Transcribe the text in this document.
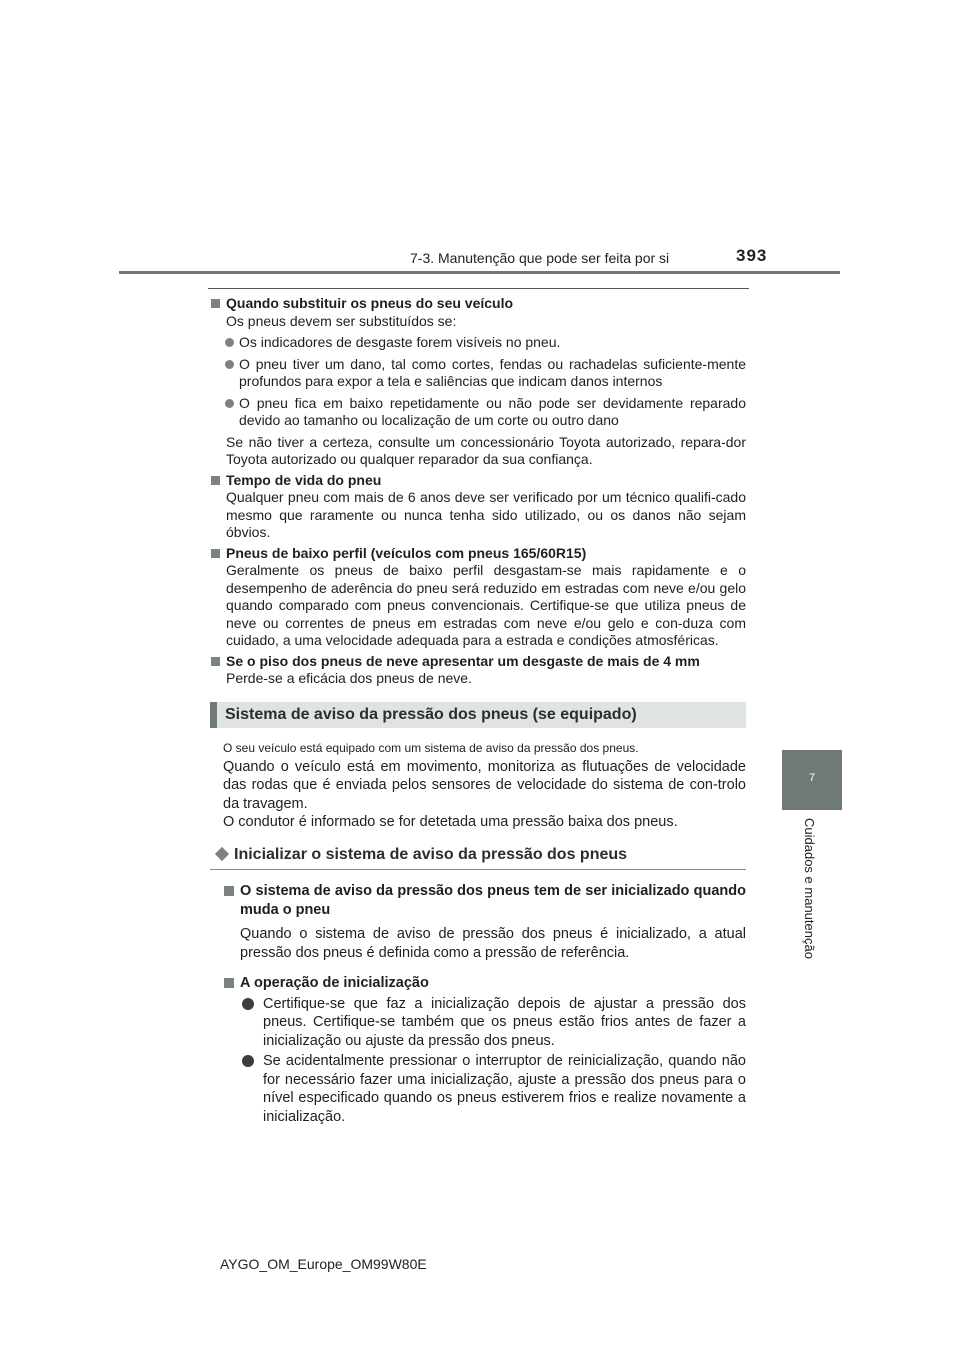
7-3. Manutenção que pode ser feita por si	393
7
Cuidados e manutenção
Quando substituir os pneus do seu veículo
Os pneus devem ser substituídos se:
Os indicadores de desgaste forem visíveis no pneu.
O pneu tiver um dano, tal como cortes, fendas ou rachadelas suficiente-mente profundos para expor a tela e saliências que indicam danos internos
O pneu fica em baixo repetidamente ou não pode ser devidamente reparado devido ao tamanho ou localização de um corte ou outro dano
Se não tiver a certeza, consulte um concessionário Toyota autorizado, repara-dor Toyota autorizado ou qualquer reparador da sua confiança.
Tempo de vida do pneu
Qualquer pneu com mais de 6 anos deve ser verificado por um técnico qualifi-cado mesmo que raramente ou nunca tenha sido utilizado, ou os danos não sejam óbvios.
Pneus de baixo perfil (veículos com pneus 165/60R15)
Geralmente os pneus de baixo perfil desgastam-se mais rapidamente e o desempenho de aderência do pneu será reduzido em estradas com neve e/ou gelo quando comparado com pneus convencionais. Certifique-se que utiliza pneus de neve ou correntes de pneus em estradas com neve e/ou gelo e con-duza com cuidado, a uma velocidade adequada para a estrada e condições atmosféricas.
Se o piso dos pneus de neve apresentar um desgaste de mais de 4 mm
Perde-se a eficácia dos pneus de neve.
Sistema de aviso da pressão dos pneus (se equipado)
O seu veículo está equipado com um sistema de aviso da pressão dos pneus.
Quando o veículo está em movimento, monitoriza as flutuações de velocidade das rodas que é enviada pelos sensores de velocidade do sistema de con-trolo da travagem.
O condutor é informado se for detetada uma pressão baixa dos pneus.
Inicializar o sistema de aviso da pressão dos pneus
O sistema de aviso da pressão dos pneus tem de ser inicializado quando muda o pneu
Quando o sistema de aviso de pressão dos pneus é inicializado, a atual pressão dos pneus é definida como a pressão de referência.
A operação de inicialização
Certifique-se que faz a inicialização depois de ajustar a pressão dos pneus. Certifique-se também que os pneus estão frios antes de fazer a inicialização ou ajuste da pressão dos pneus.
Se acidentalmente pressionar o interruptor de reinicialização, quando não for necessário fazer uma inicialização, ajuste a pressão dos pneus para o nível especificado quando os pneus estiverem frios e realize novamente a inicialização.
AYGO_OM_Europe_OM99W80E
